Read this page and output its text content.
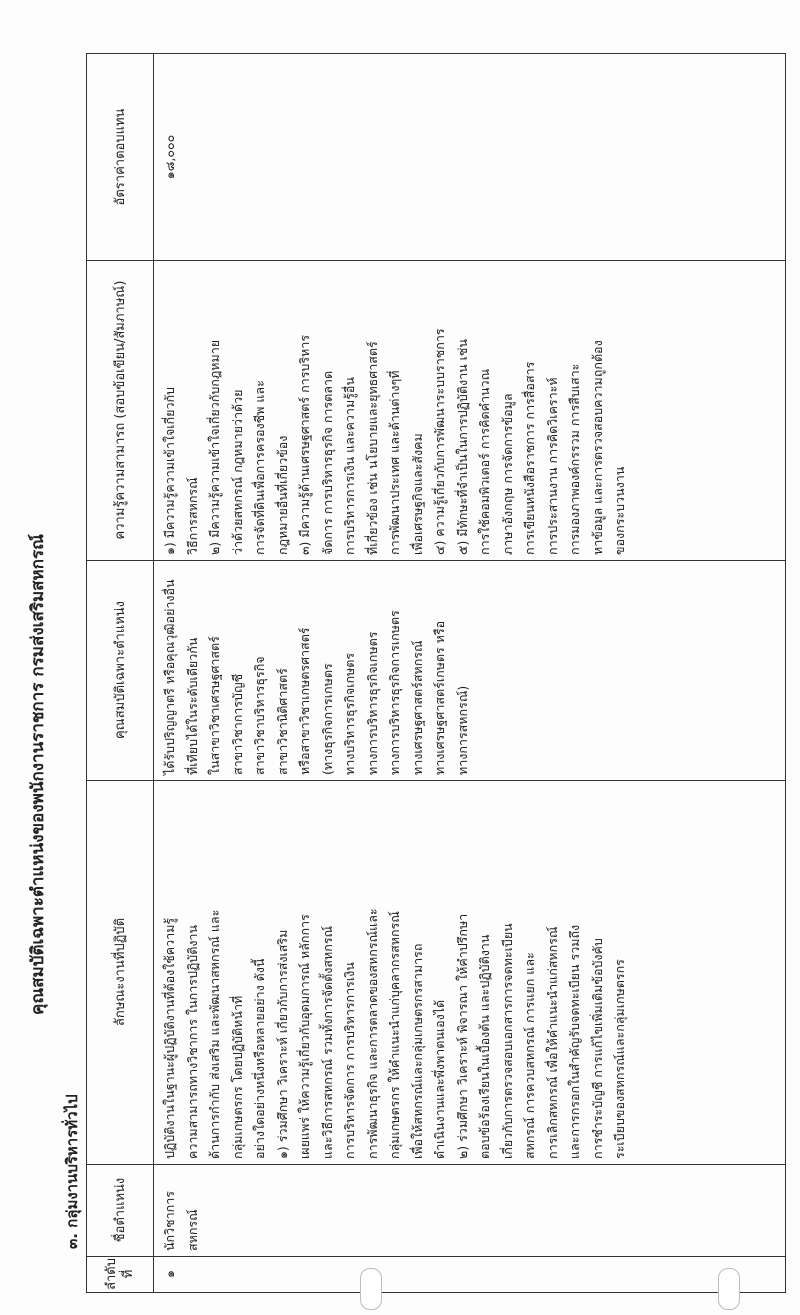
คุณสมบัติเฉพาะตำแหน่งของพนักงานราชการ กรมส่งเสริมสหกรณ์
๓. กลุ่มงานบริหารทั่วไป
ลำดับที่
ชื่อตำแหน่ง
ลักษณะงานที่ปฏิบัติ
คุณสมบัติเฉพาะตำแหน่ง
ความรู้ความสามารถ (สอบข้อเขียน/สัมภาษณ์)
อัตราค่าตอบแทน
๑
นักวิชาการสหกรณ์

ปฏิบัติงานในฐานะผู้ปฏิบัติงานที่ต้องใช้ความรู้ ความสามารถทางวิชาการ ในการปฏิบัติงาน ด้านการกำกับ ส่งเสริม และพัฒนาสหกรณ์ และ กลุ่มเกษตรกร โดยปฏิบัติหน้าที่ อย่างใดอย่างหนึ่งหรือหลายอย่าง ดังนี้ ๑) ร่วมศึกษา วิเคราะห์ เกี่ยวกับการส่งเสริม เผยแพร่ ให้ความรู้เกี่ยวกับอุดมการณ์ หลักการ และวิธีการสหกรณ์ รวมทั้งการจัดตั้งสหกรณ์ การบริหารจัดการ การบริหารการเงิน การพัฒนาธุรกิจ และการตลาดของสหกรณ์และ กลุ่มเกษตรกร ให้คำแนะนำแก่บุคลากรสหกรณ์ เพื่อให้สหกรณ์และกลุ่มเกษตรกรสามารถ ดำเนินงานและพึ่งพาตนเองได้ ๒) ร่วมศึกษา วิเคราะห์ พิจารณา ให้คำปรึกษา ตอบข้อร้องเรียนในเบื้องต้น และปฏิบัติงาน เกี่ยวกับการตรวจสอบเอกสารการจดทะเบียน สหกรณ์ การควบสหกรณ์ การแยก และ การเลิกสหกรณ์ เพื่อให้คำแนะนำแก่สหกรณ์ และการกรอกในสำคัญรับจดทะเบียน รวมถึง การชำระบัญชี การแก้ไขเพิ่มเติมข้อบังคับ ระเบียบของสหกรณ์และกลุ่มเกษตรกร

ได้รับปริญญาตรี หรือคุณวุฒิอย่างอื่น ที่เทียบได้ในระดับเดียวกัน ในสาขาวิชาเศรษฐศาสตร์ สาขาวิชาการบัญชี สาขาวิชาบริหารธุรกิจ สาขาวิชานิติศาสตร์ หรือสาขาวิชาเกษตรศาสตร์ (ทางธุรกิจการเกษตร ทางบริหารธุรกิจเกษตร ทางการบริหารธุรกิจเกษตร ทางการบริหารธุรกิจการเกษตร ทางเศรษฐศาสตร์สหกรณ์ ทางเศรษฐศาสตร์เกษตร หรือ ทางการสหกรณ์)

๑) มีความรู้ความเข้าใจเกี่ยวกับ วิธีการสหกรณ์ ๒) มีความรู้ความเข้าใจเกี่ยวกับกฎหมาย ว่าด้วยสหกรณ์ กฎหมายว่าด้วย การจัดที่ดินเพื่อการครองชีพ และ กฎหมายอื่นที่เกี่ยวข้อง ๓) มีความรู้ด้านเศรษฐศาสตร์ การบริหาร จัดการ การบริหารธุรกิจ การตลาด การบริหารการเงิน และความรู้อื่น ที่เกี่ยวข้อง เช่น นโยบายและยุทธศาสตร์ การพัฒนาประเทศ และด้านต่างๆที่ เพื่อเศรษฐกิจและสังคม ๔) ความรู้เกี่ยวกับการพัฒนาระบบราชการ ๕) มีทักษะที่จำเป็นในการปฏิบัติงาน เช่น การใช้คอมพิวเตอร์ การคิดคำนวณ ภาษาอังกฤษ การจัดการข้อมูล การเขียนหนังสือราชการ การสื่อสาร การประสานงาน การคิดวิเคราะห์ การมองภาพองค์กรรวม การสืบเสาะ หาข้อมูล และการตรวจสอบความถูกต้อง ของกระบวนงาน

๑๘,๐๐๐
